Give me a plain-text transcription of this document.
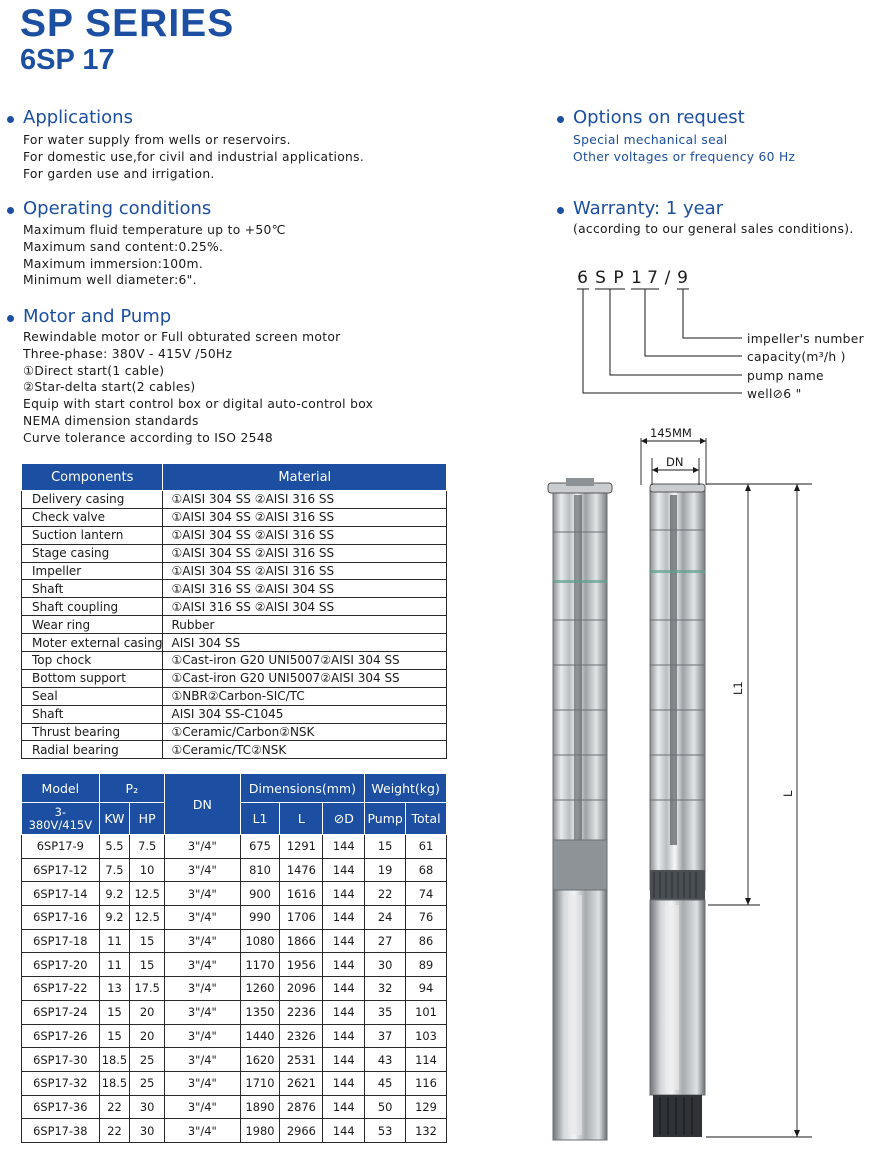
SP SERIES
6SP 17
Applications
For water supply from wells or reservoirs.
For domestic use,for civil and industrial applications.
For garden use and irrigation.
Operating conditions
Maximum fluid temperature up to +50℃
Maximum sand content:0.25%.
Maximum immersion:100m.
Minimum well diameter:6".
Motor and Pump
Rewindable motor or Full obturated screen motor
Three-phase: 380V - 415V /50Hz
①Direct start(1 cable)
②Star-delta start(2 cables)
Equip with start control box or digital auto-control box
NEMA dimension standards
Curve tolerance according to ISO 2548
Options on request
Special mechanical seal
Other voltages or frequency 60 Hz
Warranty: 1 year
(according to our general sales conditions).
6 S P 1 7 / 9
impeller's number
capacity(m³/h )
pump name
well⊘6 "
Components	Material
Delivery casing	①AISI 304 SS ②AISI 316 SS
Check valve	①AISI 304 SS ②AISI 316 SS
Suction lantern	①AISI 304 SS ②AISI 316 SS
Stage casing	①AISI 304 SS ②AISI 316 SS
Impeller	①AISI 304 SS ②AISI 316 SS
Shaft	①AISI 316 SS ②AISI 304 SS
Shaft coupling	①AISI 316 SS ②AISI 304 SS
Wear ring	Rubber
Moter external casing	AISI 304 SS
Top chock	①Cast-iron G20 UNI5007②AISI 304 SS
Bottom support	①Cast-iron G20 UNI5007②AISI 304 SS
Seal	①NBR②Carbon-SIC/TC
Shaft	AISI 304 SS-C1045
Thrust bearing	①Ceramic/Carbon②NSK
Radial bearing	①Ceramic/TC②NSK
Model	P₂		DN	Dimensions(mm)			Weight(kg)	
3-
380V/415V	KW	HP		L1	L	⊘D	Pump	Total
6SP17-9	5.5	7.5	3"/4"	675	1291	144	15	61
6SP17-12	7.5	10	3"/4"	810	1476	144	19	68
6SP17-14	9.2	12.5	3"/4"	900	1616	144	22	74
6SP17-16	9.2	12.5	3"/4"	990	1706	144	24	76
6SP17-18	11	15	3"/4"	1080	1866	144	27	86
6SP17-20	11	15	3"/4"	1170	1956	144	30	89
6SP17-22	13	17.5	3"/4"	1260	2096	144	32	94
6SP17-24	15	20	3"/4"	1350	2236	144	35	101
6SP17-26	15	20	3"/4"	1440	2326	144	37	103
6SP17-30	18.5	25	3"/4"	1620	2531	144	43	114
6SP17-32	18.5	25	3"/4"	1710	2621	144	45	116
6SP17-36	22	30	3"/4"	1890	2876	144	50	129
6SP17-38	22	30	3"/4"	1980	2966	144	53	132
145MM
DN
L1
L
